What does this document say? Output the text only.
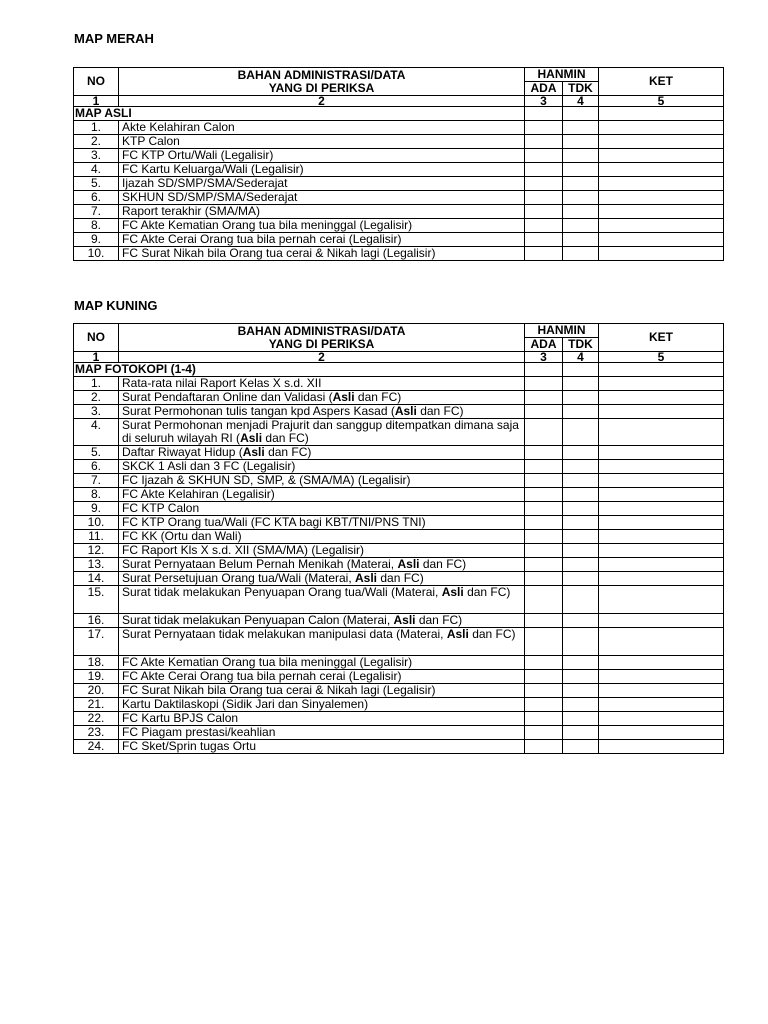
MAP MERAH
NO	BAHAN ADMINISTRASI/DATA
YANG DI PERIKSA	HANMIN		KET
		ADA	TDK	
1	2	3	4	5
MAP ASLI				
1.	Akte Kelahiran Calon			
2.	KTP Calon			
3.	FC KTP Ortu/Wali (Legalisir)			
4.	FC Kartu Keluarga/Wali (Legalisir)			
5.	Ijazah SD/SMP/SMA/Sederajat			
6.	SKHUN SD/SMP/SMA/Sederajat			
7.	Raport terakhir (SMA/MA)			
8.	FC Akte Kematian Orang tua bila meninggal (Legalisir)			
9.	FC Akte Cerai Orang tua bila pernah cerai (Legalisir)			
10.	FC Surat Nikah bila Orang tua cerai & Nikah lagi (Legalisir)			
MAP KUNING
NO	BAHAN ADMINISTRASI/DATA
YANG DI PERIKSA	HANMIN		KET
		ADA	TDK	
1	2	3	4	5
MAP FOTOKOPI (1-4)				
1.	Rata-rata nilai Raport Kelas X s.d. XII			
2.	Surat Pendaftaran Online dan Validasi (Asli dan FC)			
3.	Surat Permohonan tulis tangan kpd Aspers Kasad (Asli dan FC)			
4.	Surat Permohonan menjadi Prajurit dan sanggup ditempatkan dimana saja di seluruh wilayah RI (Asli dan FC)			
5.	Daftar Riwayat Hidup (Asli dan FC)			
6.	SKCK 1 Asli dan 3 FC (Legalisir)			
7.	FC Ijazah & SKHUN SD, SMP, & (SMA/MA) (Legalisir)			
8.	FC Akte Kelahiran (Legalisir)			
9.	FC KTP Calon			
10.	FC KTP Orang tua/Wali (FC KTA bagi KBT/TNI/PNS TNI)			
11.	FC KK (Ortu dan Wali)			
12.	FC Raport Kls X s.d. XII (SMA/MA) (Legalisir)			
13.	Surat Pernyataan Belum Pernah Menikah (Materai, Asli dan FC)			
14.	Surat Persetujuan Orang tua/Wali (Materai, Asli dan FC)			
15.	Surat tidak melakukan Penyuapan Orang tua/Wali (Materai, Asli dan FC)			
16.	Surat tidak melakukan Penyuapan Calon (Materai, Asli dan FC)			
17.	Surat Pernyataan tidak melakukan manipulasi data (Materai, Asli dan FC)			
18.	FC Akte Kematian Orang tua bila meninggal (Legalisir)			
19.	FC Akte Cerai Orang tua bila pernah cerai (Legalisir)			
20.	FC Surat Nikah bila Orang tua cerai & Nikah lagi (Legalisir)			
21.	Kartu Daktilaskopi (Sidik Jari dan Sinyalemen)			
22.	FC Kartu BPJS Calon			
23.	FC Piagam prestasi/keahlian			
24.	FC Sket/Sprin tugas Ortu			
